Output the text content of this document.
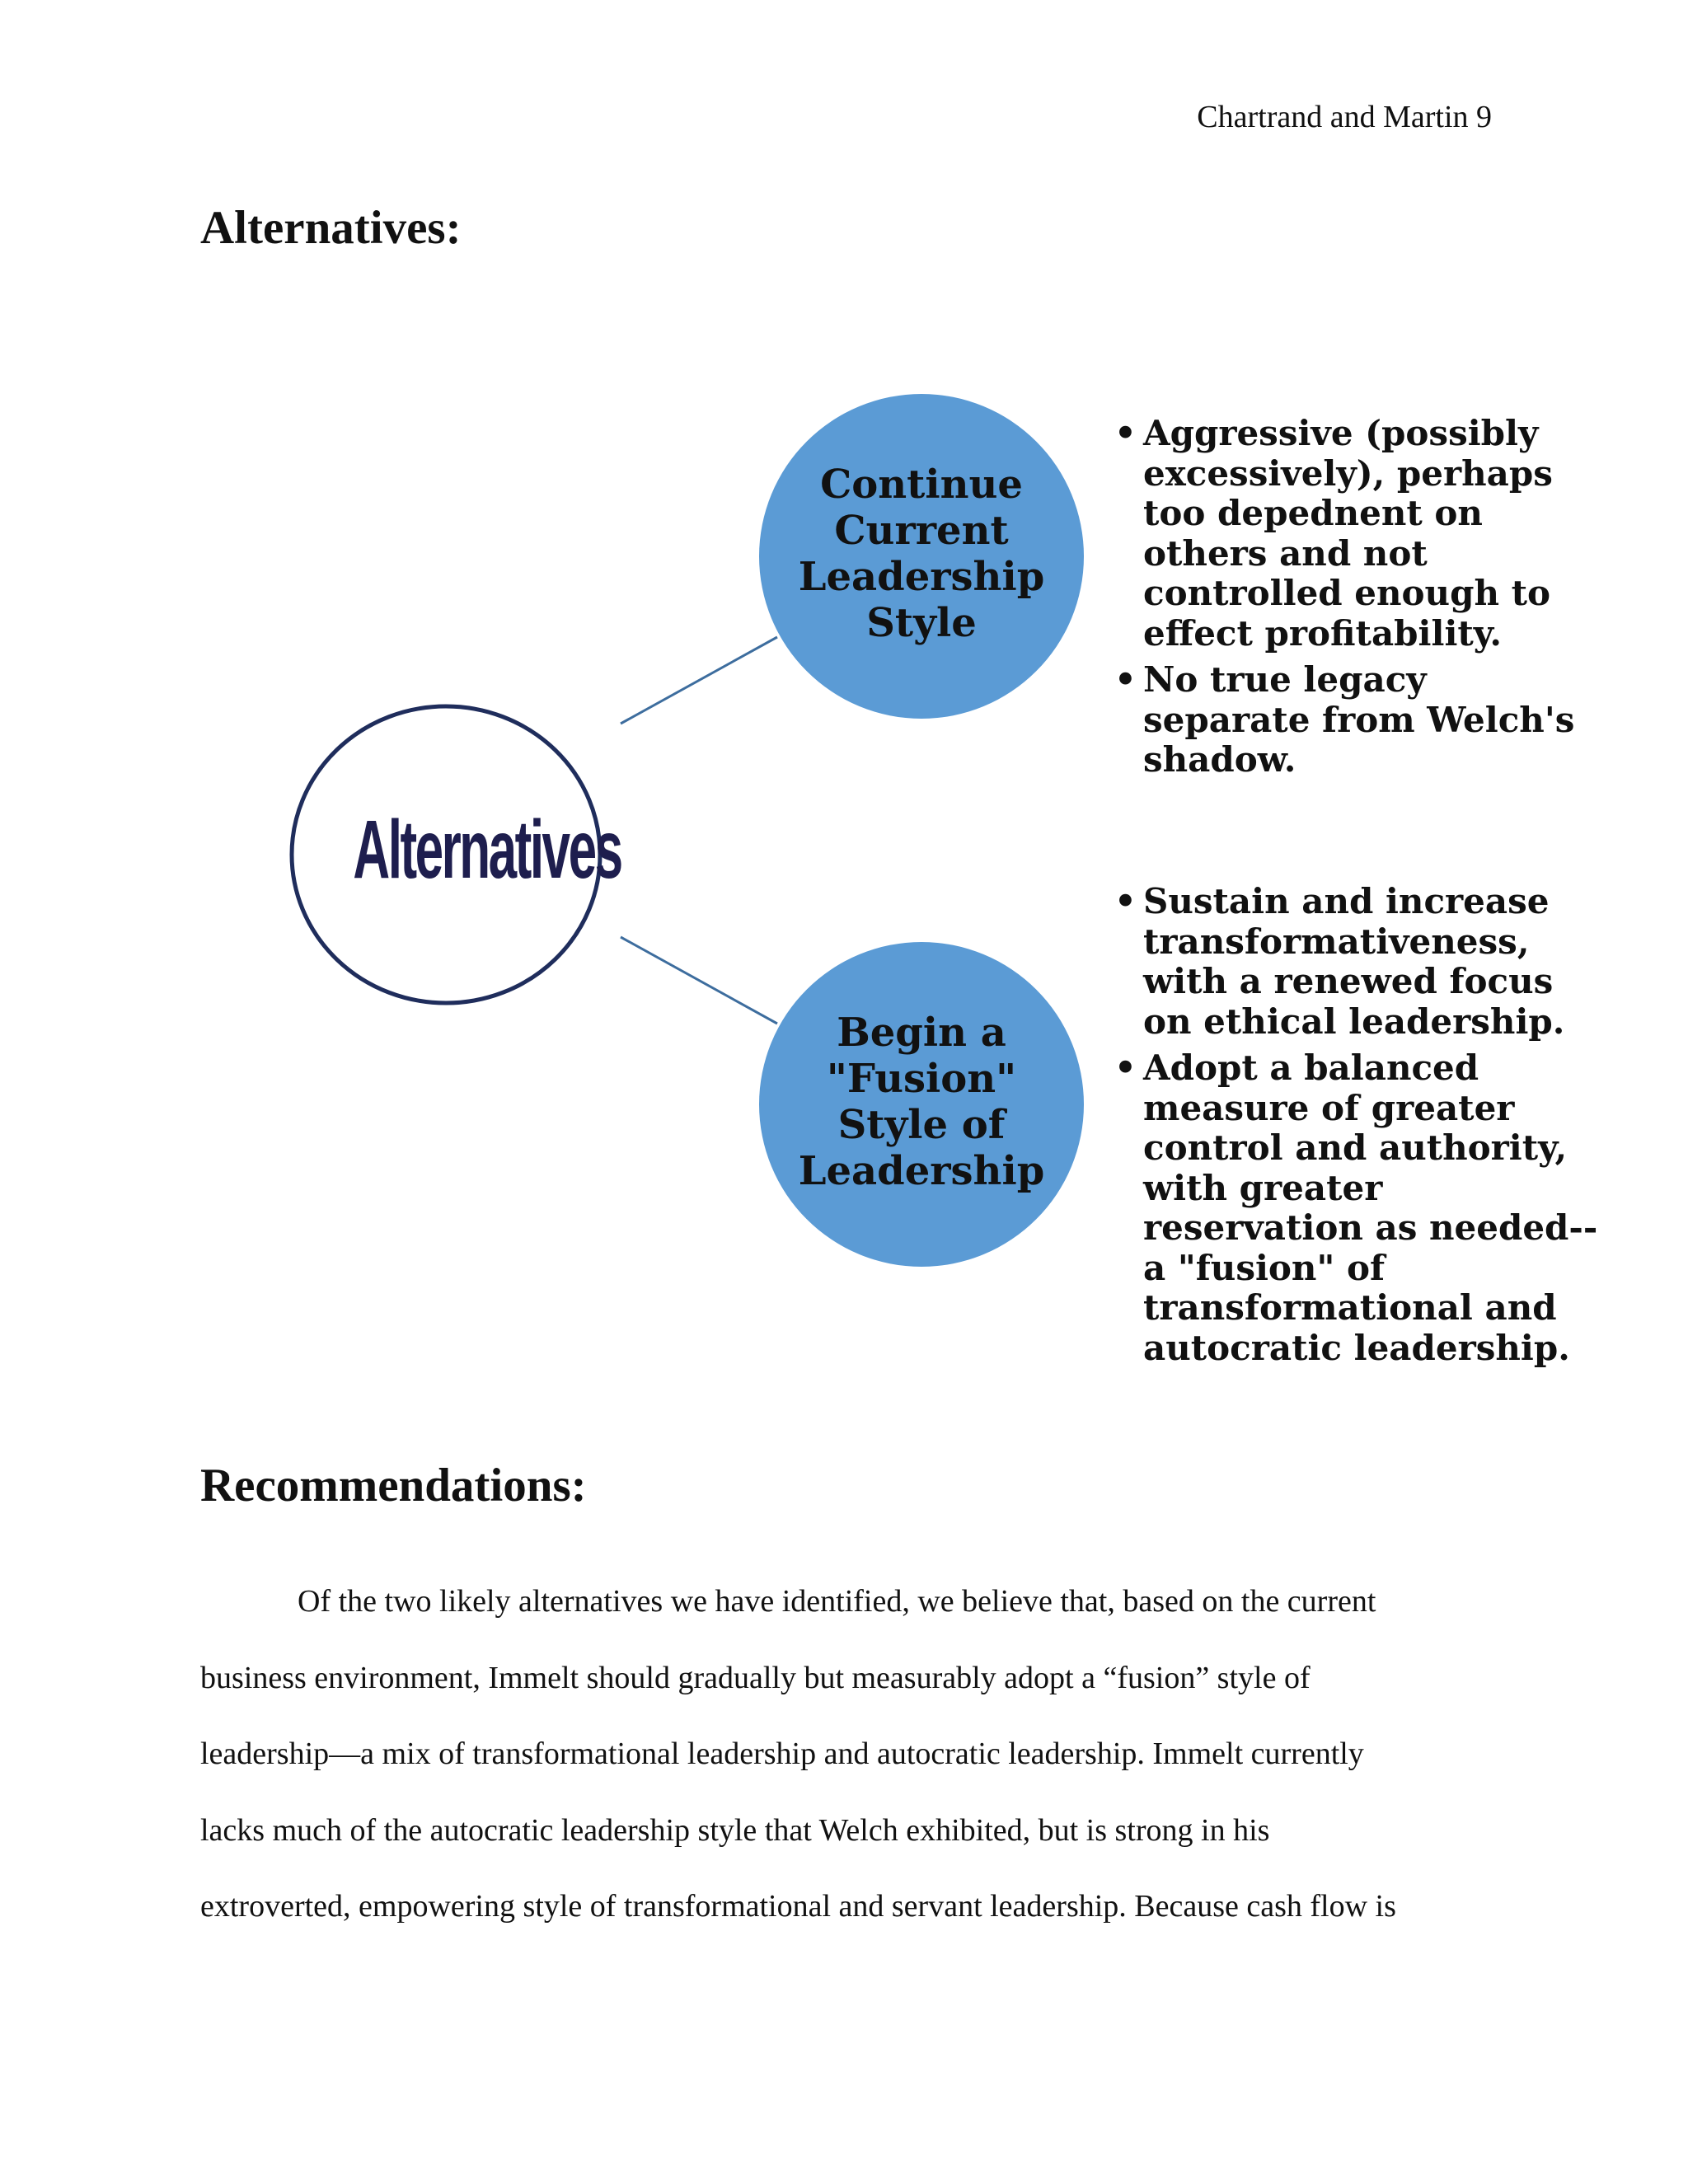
Chartrand and Martin 9
Alternatives:
Alternatives
Continue
Current
Leadership
Style
Begin a
"Fusion"
Style of
Leadership
• Aggressive (possibly excessively), perhaps too depednent on others and not controlled enough to effect profitability.
• No true legacy separate from Welch's shadow.
• Sustain and increase transformativeness, with a renewed focus on ethical leadership.
• Adopt a balanced measure of greater control and authority, with greater reservation as needed--a "fusion" of transformational and autocratic leadership.
Recommendations:
Of the two likely alternatives we have identified, we believe that, based on the current
business environment, Immelt should gradually but measurably adopt a “fusion” style of
leadership—a mix of transformational leadership and autocratic leadership. Immelt currently
lacks much of the autocratic leadership style that Welch exhibited, but is strong in his
extroverted, empowering style of transformational and servant leadership. Because cash flow is
